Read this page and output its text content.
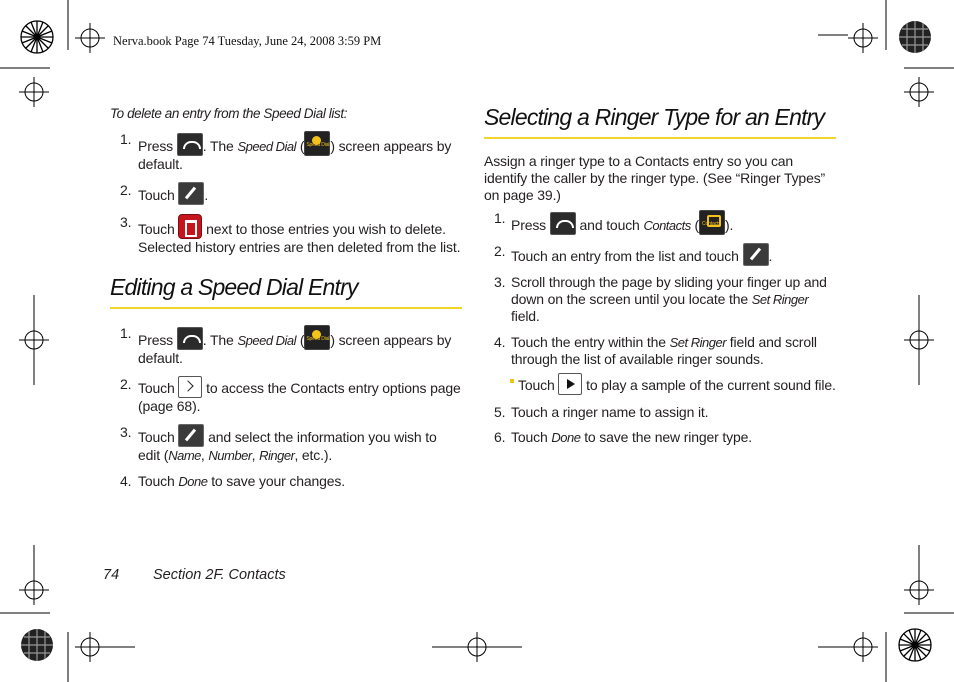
Nerva.book Page 74 Tuesday, June 24, 2008 3:59 PM
To delete an entry from the Speed Dial list:
1. Press . The Speed Dial ( Speed Dial ) screen appears by default.
2. Touch .
3. Touch next to those entries you wish to delete. Selected history entries are then deleted from the list.
Editing a Speed Dial Entry
1. Press . The Speed Dial ( Speed Dial ) screen appears by default.
2. Touch to access the Contacts entry options page (page 68).
3. Touch and select the information you wish to edit (Name, Number, Ringer, etc.).
4. Touch Done to save your changes.
Selecting a Ringer Type for an Entry
Assign a ringer type to a Contacts entry so you can identify the caller by the ringer type. (See “Ringer Types” on page 39.)
1. Press and touch Contacts ( Contacts ).
2. Touch an entry from the list and touch .
3. Scroll through the page by sliding your finger up and down on the screen until you locate the Set Ringer field.
4. Touch the entry within the Set Ringer field and scroll through the list of available ringer sounds.
Touch to play a sample of the current sound file.
5. Touch a ringer name to assign it.
6. Touch Done to save the new ringer type.
74 Section 2F. Contacts
